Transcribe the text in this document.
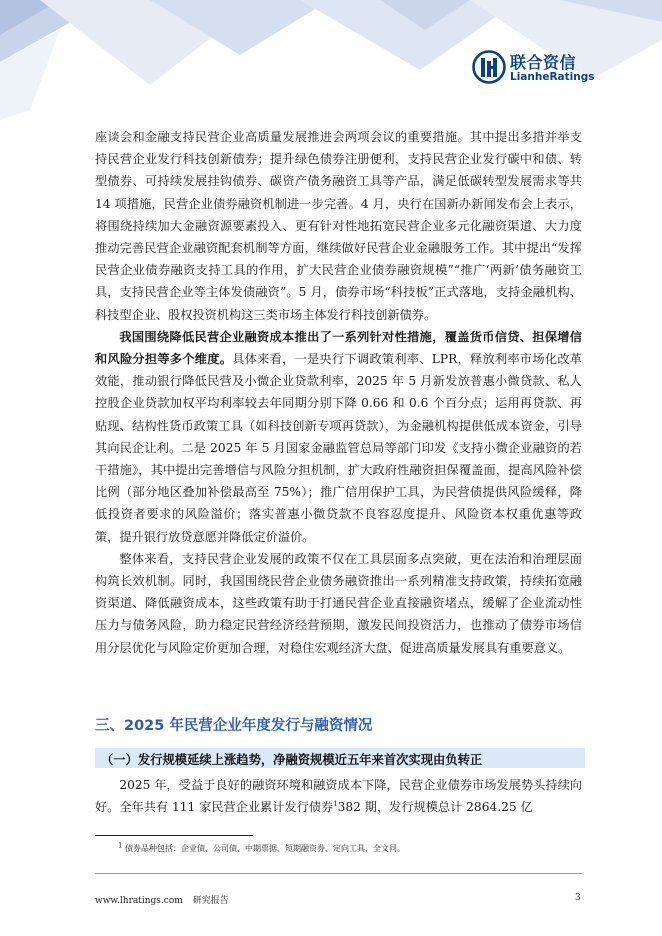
联合资信
LianheRatings

座谈会和金融支持民营企业高质量发展推进会两项会议的重要措施。其中提出多措并举支持民营企业发行科技创新债券；提升绿色债券注册便利，支持民营企业发行碳中和债、转型债券、可持续发展挂钩债券、碳资产债务融资工具等产品，满足低碳转型发展需求等共 14 项措施，民营企业债券融资机制进一步完善。4 月，央行在国新办新闻发布会上表示，将围绕持续加大金融资源要素投入、更有针对性地拓宽民营企业多元化融资渠道、大力度推动完善民营企业融资配套机制等方面，继续做好民营企业金融服务工作。其中提出“发挥民营企业债券融资支持工具的作用，扩大民营企业债券融资规模”“推广‘两新’债务融资工具，支持民营企业等主体发债融资”。5 月，债券市场“科技板”正式落地，支持金融机构、科技型企业、股权投资机构这三类市场主体发行科技创新债券。

我国围绕降低民营企业融资成本推出了一系列针对性措施，覆盖货币信贷、担保增信和风险分担等多个维度。具体来看，一是央行下调政策利率、LPR，释放利率市场化改革效能，推动银行降低民营及小微企业贷款利率，2025 年 5 月新发放普惠小微贷款、私人控股企业贷款加权平均利率较去年同期分别下降 0.66 和 0.6 个百分点；运用再贷款、再贴现、结构性货币政策工具（如科技创新专项再贷款），为金融机构提供低成本资金，引导其向民企让利。二是 2025 年 5 月国家金融监管总局等部门印发《支持小微企业融资的若干措施》，其中提出完善增信与风险分担机制，扩大政府性融资担保覆盖面，提高风险补偿比例（部分地区叠加补偿最高至 75%）；推广信用保护工具，为民营债提供风险缓释，降低投资者要求的风险溢价；落实普惠小微贷款不良容忍度提升、风险资本权重优惠等政策，提升银行放贷意愿并降低定价溢价。

整体来看，支持民营企业发展的政策不仅在工具层面多点突破，更在法治和治理层面构筑长效机制。同时，我国围绕民营企业债务融资推出一系列精准支持政策，持续拓宽融资渠道、降低融资成本，这些政策有助于打通民营企业直接融资堵点，缓解了企业流动性压力与债务风险，助力稳定民营经济经营预期，激发民间投资活力，也推动了债券市场信用分层优化与风险定价更加合理，对稳住宏观经济大盘、促进高质量发展具有重要意义。

三、2025 年民营企业年度发行与融资情况
（一）发行规模延续上涨趋势，净融资规模近五年来首次实现由负转正

2025 年，受益于良好的融资环境和融资成本下降，民营企业债券市场发展势头持续向好。全年共有 111 家民营企业累计发行债券$^1$382 期，发行规模总计 2864.25 亿

$^1$ 债券品种包括：企业债、公司债、中期票据、短期融资券、定向工具，全文同。
www.lhratings.com 研究报告	3
